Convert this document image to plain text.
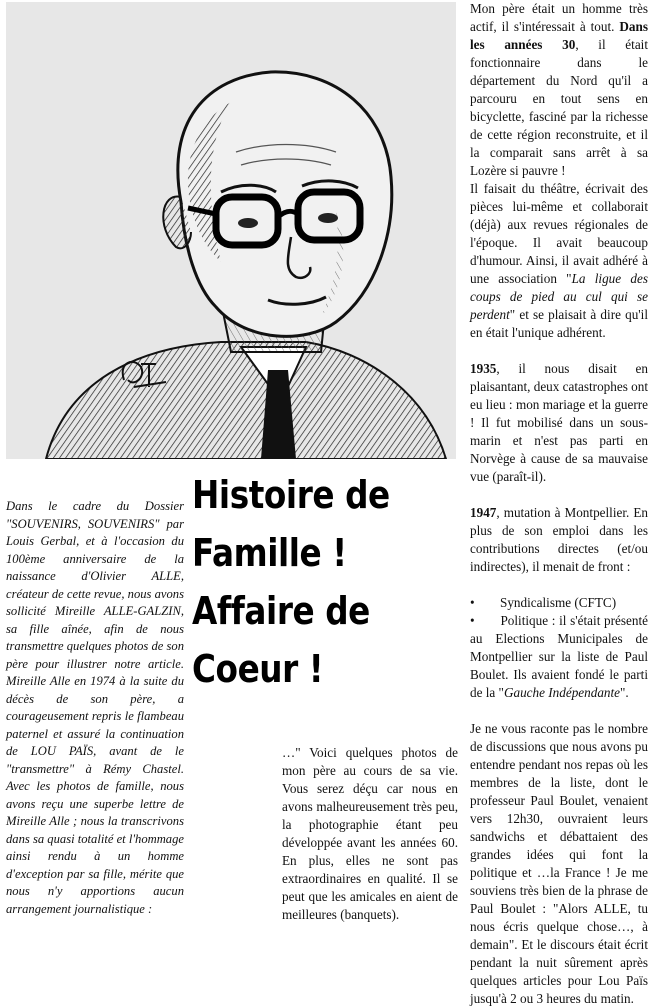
Mon père était un homme très actif, il s'intéressait à tout. Dans les années 30, il était fonctionnaire dans le département du Nord qu'il a parcouru en tout sens en bicyclette, fasciné par la richesse de cette région reconstruite, et il la comparait sans arrêt à sa Lozère si pauvre !

Il faisait du théâtre, écrivait des pièces lui-même et collaborait (déjà) aux revues régionales de l'époque. Il avait beaucoup d'humour. Ainsi, il avait adhéré à une association "La ligue des coups de pied au cul qui se perdent" et se plaisait à dire qu'il en était l'unique adhérent.

1935, il nous disait en plaisantant, deux catastrophes ont eu lieu : mon mariage et la guerre ! Il fut mobilisé dans un sous-marin et n'est pas parti en Norvège à cause de sa mauvaise vue (paraît-il).

1947, mutation à Montpellier. En plus de son emploi dans les contributions directes (et/ou indirectes), il menait de front :

•	Syndicalisme (CFTC)

• Politique : il s'était présenté au Elections Municipales de Montpellier sur la liste de Paul Boulet. Ils avaient fondé le parti de la "Gauche Indépendante".

Je ne vous raconte pas le nombre de discussions que nous avons pu entendre pendant nos repas où les membres de la liste, dont le professeur Paul Boulet, venaient vers 12h30, ouvraient leurs sandwichs et débattaient des grandes idées qui font la politique et …la France ! Je me souviens très bien de la phrase de Paul Boulet : "Alors ALLE, tu nous écris quelque chose…, à demain". Et le discours était écrit pendant la nuit sûrement après quelques articles pour Lou Païs jusqu'à 2 ou 3 heures du matin.

Histoire de
Famille !
Affaire de
Coeur !

Dans le cadre du Dossier "SOUVENIRS, SOUVENIRS" par Louis Gerbal, et à l'occasion du 100ème anniversaire de la naissance d'Olivier ALLE, créateur de cette revue, nous avons sollicité Mireille ALLE-GALZIN, sa fille aînée, afin de nous transmettre quelques photos de son père pour illustrer notre article. Mireille Alle en 1974 à la suite du décès de son père, a courageusement repris le flambeau paternel et assuré la continuation de LOU PAÏS, avant de le "transmettre" à Rémy Chastel. Avec les photos de famille, nous avons reçu une superbe lettre de Mireille Alle ; nous la transcrivons dans sa quasi totalité et l'hommage ainsi rendu à un homme d'exception par sa fille, mérite que nous n'y apportions aucun arrangement journalistique :

…" Voici quelques photos de mon père au cours de sa vie. Vous serez déçu car nous en avons malheureusement très peu, la photographie étant peu développée avant les années 60. En plus, elles ne sont pas extraordinaires en qualité. Il se peut que les amicales en aient de meilleures (banquets).
